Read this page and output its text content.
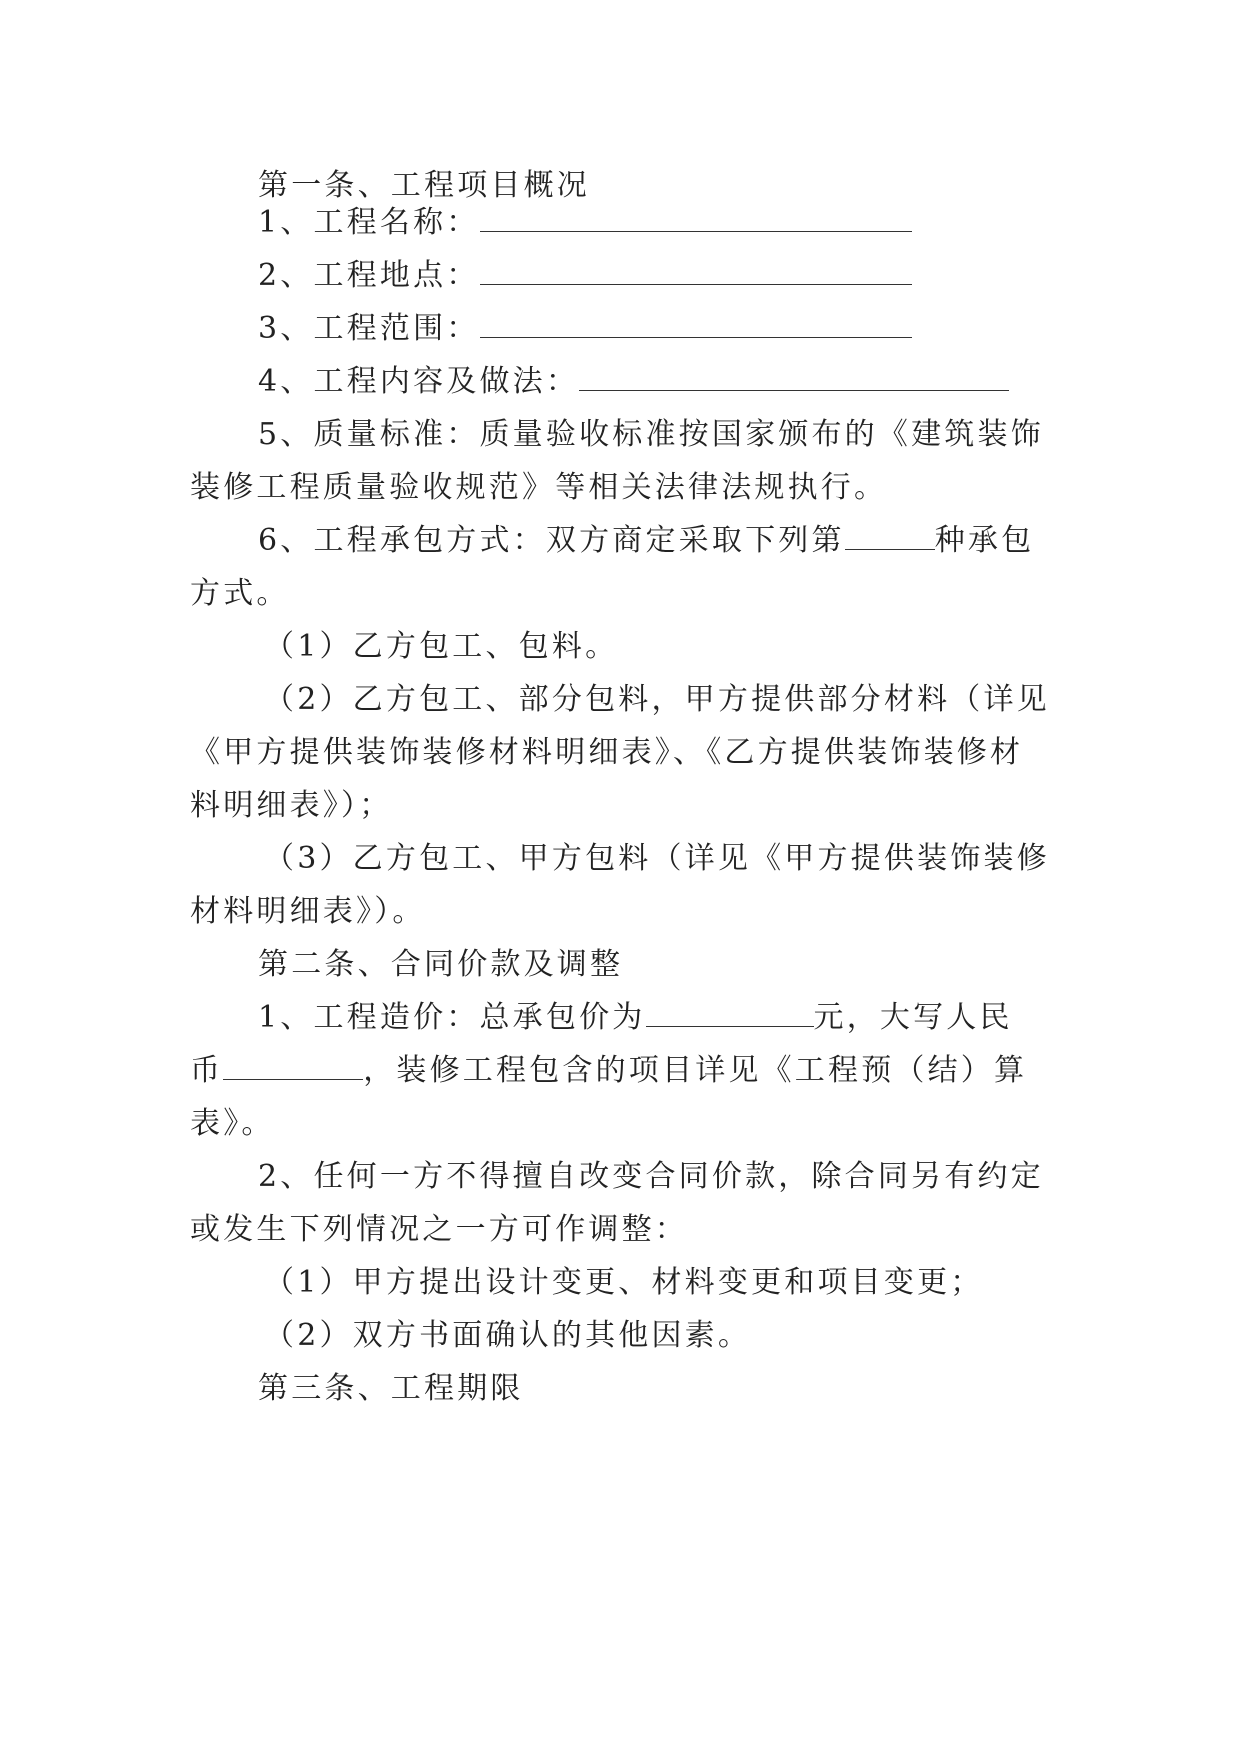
第一条、工程项目概况
1、工程名称：
2、工程地点：
3、工程范围：
4、工程内容及做法：
5、质量标准：质量验收标准按国家颁布的《建筑装饰
装修工程质量验收规范》等相关法律法规执行。
6、工程承包方式：双方商定采取下列第	种承包
方式。
（1）乙方包工、包料。
（2）乙方包工、部分包料，甲方提供部分材料（详见
《甲方提供装饰装修材料明细表》、《乙方提供装饰装修材
料明细表》）；
（3）乙方包工、甲方包料（详见《甲方提供装饰装修
材料明细表》）。
第二条、合同价款及调整
1、工程造价：总承包价为	元，大写人民
币	，装修工程包含的项目详见《工程预（结）算
表》。
2、任何一方不得擅自改变合同价款，除合同另有约定
或发生下列情况之一方可作调整：
（1）甲方提出设计变更、材料变更和项目变更；
（2）双方书面确认的其他因素。
第三条、工程期限
